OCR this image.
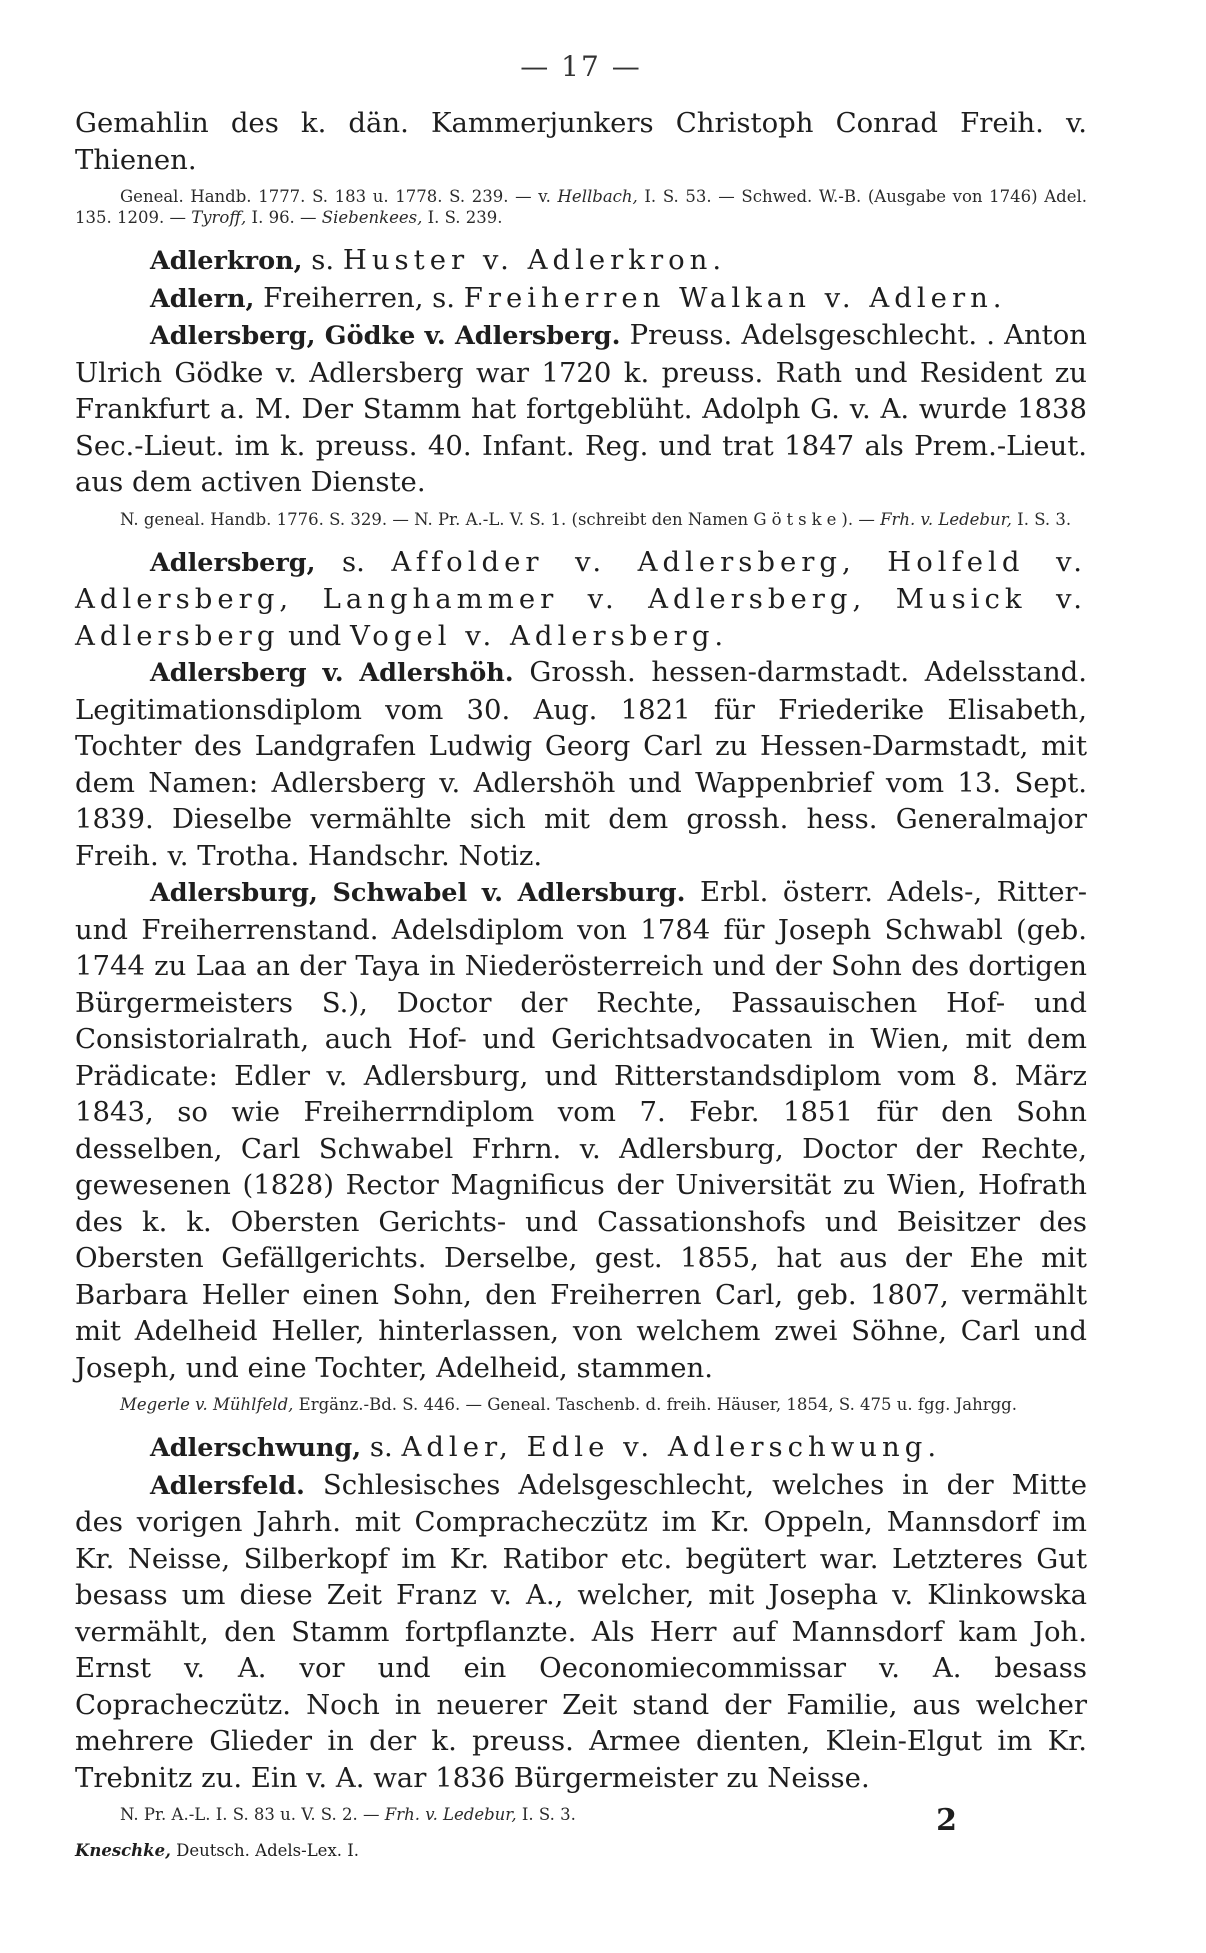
— 17 —

Gemahlin des k. dän. Kammerjunkers Christoph Conrad Freih. v. Thienen.

Geneal. Handb. 1777. S. 183 u. 1778. S. 239. — v. Hellbach, I. S. 53. — Schwed. W.-B. (Ausgabe von 1746) Adel. 135. 1209. — Tyroff, I. 96. — Siebenkees, I. S. 239.

Adlerkron, s. Huster v. Adlerkron.

Adlern, Freiherren, s. Freiherren Walkan v. Adlern.

Adlersberg, Gödke v. Adlersberg. Preuss. Adelsgeschlecht. . Anton Ulrich Gödke v. Adlersberg war 1720 k. preuss. Rath und Resident zu Frankfurt a. M. Der Stamm hat fortgeblüht. Adolph G. v. A. wurde 1838 Sec.-Lieut. im k. preuss. 40. Infant. Reg. und trat 1847 als Prem.-Lieut. aus dem activen Dienste.

N. geneal. Handb. 1776. S. 329. — N. Pr. A.-L. V. S. 1. (schreibt den Namen Götske). — Frh. v. Ledebur, I. S. 3.

Adlersberg, s. Affolder v. Adlersberg, Holfeld v. Adlersberg, Langhammer v. Adlersberg, Musick v. Adlersberg und Vogel v. Adlersberg.

Adlersberg v. Adlershöh. Grossh. hessen-darmstadt. Adelsstand. Legitimationsdiplom vom 30. Aug. 1821 für Friederike Elisabeth, Tochter des Landgrafen Ludwig Georg Carl zu Hessen-Darmstadt, mit dem Namen: Adlersberg v. Adlershöh und Wappenbrief vom 13. Sept. 1839. Dieselbe vermählte sich mit dem grossh. hess. Generalmajor Freih. v. Trotha. Handschr. Notiz.

Adlersburg, Schwabel v. Adlersburg. Erbl. österr. Adels-, Ritter- und Freiherrenstand. Adelsdiplom von 1784 für Joseph Schwabl (geb. 1744 zu Laa an der Taya in Niederösterreich und der Sohn des dortigen Bürgermeisters S.), Doctor der Rechte, Passauischen Hof- und Consistorialrath, auch Hof- und Gerichtsadvocaten in Wien, mit dem Prädicate: Edler v. Adlersburg, und Ritterstandsdiplom vom 8. März 1843, so wie Freiherrndiplom vom 7. Febr. 1851 für den Sohn desselben, Carl Schwabel Frhrn. v. Adlersburg, Doctor der Rechte, gewesenen (1828) Rector Magnificus der Universität zu Wien, Hofrath des k. k. Obersten Gerichts- und Cassationshofs und Beisitzer des Obersten Gefällgerichts. Derselbe, gest. 1855, hat aus der Ehe mit Barbara Heller einen Sohn, den Freiherren Carl, geb. 1807, vermählt mit Adelheid Heller, hinterlassen, von welchem zwei Söhne, Carl und Joseph, und eine Tochter, Adelheid, stammen.

Megerle v. Mühlfeld, Ergänz.-Bd. S. 446. — Geneal. Taschenb. d. freih. Häuser, 1854, S. 475 u. fgg. Jahrgg.

Adlerschwung, s. Adler, Edle v. Adlerschwung.

Adlersfeld. Schlesisches Adelsgeschlecht, welches in der Mitte des vorigen Jahrh. mit Compracheczütz im Kr. Oppeln, Mannsdorf im Kr. Neisse, Silberkopf im Kr. Ratibor etc. begütert war. Letzteres Gut besass um diese Zeit Franz v. A., welcher, mit Josepha v. Klinkowska vermählt, den Stamm fortpflanzte. Als Herr auf Mannsdorf kam Joh. Ernst v. A. vor und ein Oeconomiecommissar v. A. besass Copracheczütz. Noch in neuerer Zeit stand der Familie, aus welcher mehrere Glieder in der k. preuss. Armee dienten, Klein-Elgut im Kr. Trebnitz zu. Ein v. A. war 1836 Bürgermeister zu Neisse.

N. Pr. A.-L. I. S. 83 u. V. S. 2. — Frh. v. Ledebur, I. S. 3.

Kneschke, Deutsch. Adels-Lex. I.
2
